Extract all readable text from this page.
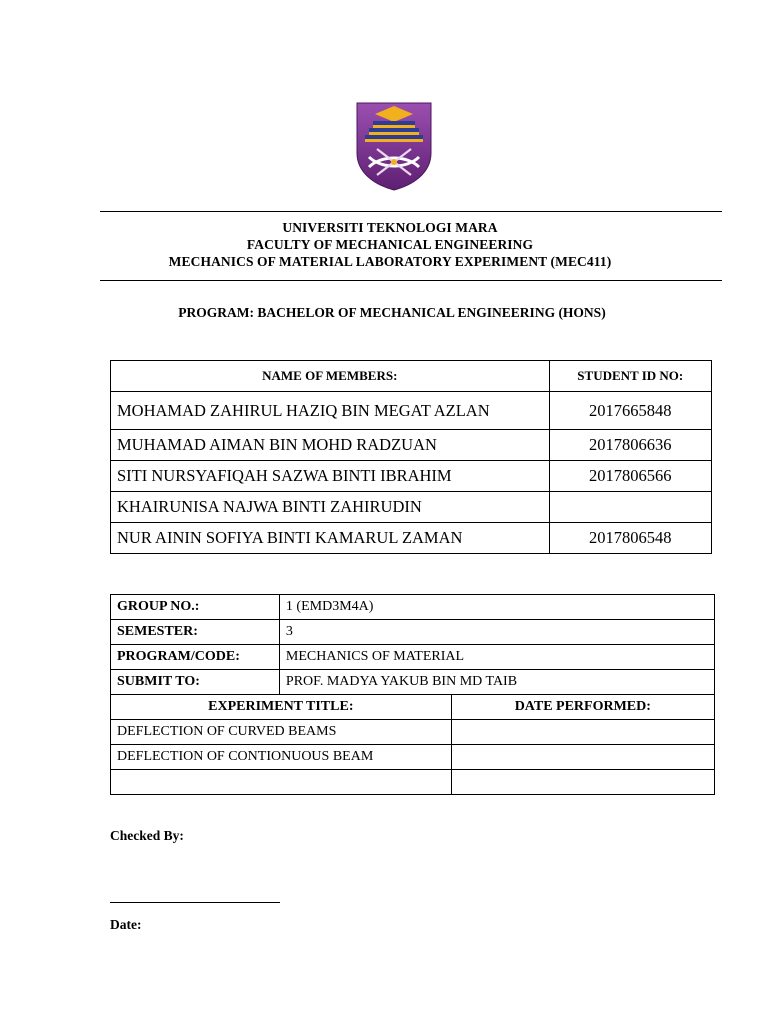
UNIVERSITI TEKNOLOGI MARA
FACULTY OF MECHANICAL ENGINEERING
MECHANICS OF MATERIAL LABORATORY EXPERIMENT (MEC411)
PROGRAM: BACHELOR OF MECHANICAL ENGINEERING (HONS)
NAME OF MEMBERS:	STUDENT ID NO:
MOHAMAD ZAHIRUL HAZIQ BIN MEGAT AZLAN	2017665848
MUHAMAD AIMAN BIN MOHD RADZUAN	2017806636
SITI NURSYAFIQAH SAZWA BINTI IBRAHIM	2017806566
KHAIRUNISA NAJWA BINTI ZAHIRUDIN	
NUR AININ SOFIYA BINTI KAMARUL ZAMAN	2017806548
GROUP NO.:	1 (EMD3M4A)	
SEMESTER:	3	
PROGRAM/CODE:	MECHANICS OF MATERIAL	
SUBMIT TO:	PROF. MADYA YAKUB BIN MD TAIB	
EXPERIMENT TITLE:		DATE PERFORMED:
DEFLECTION OF CURVED BEAMS		
DEFLECTION OF CONTIONUOUS BEAM		

Checked By:
Date:
